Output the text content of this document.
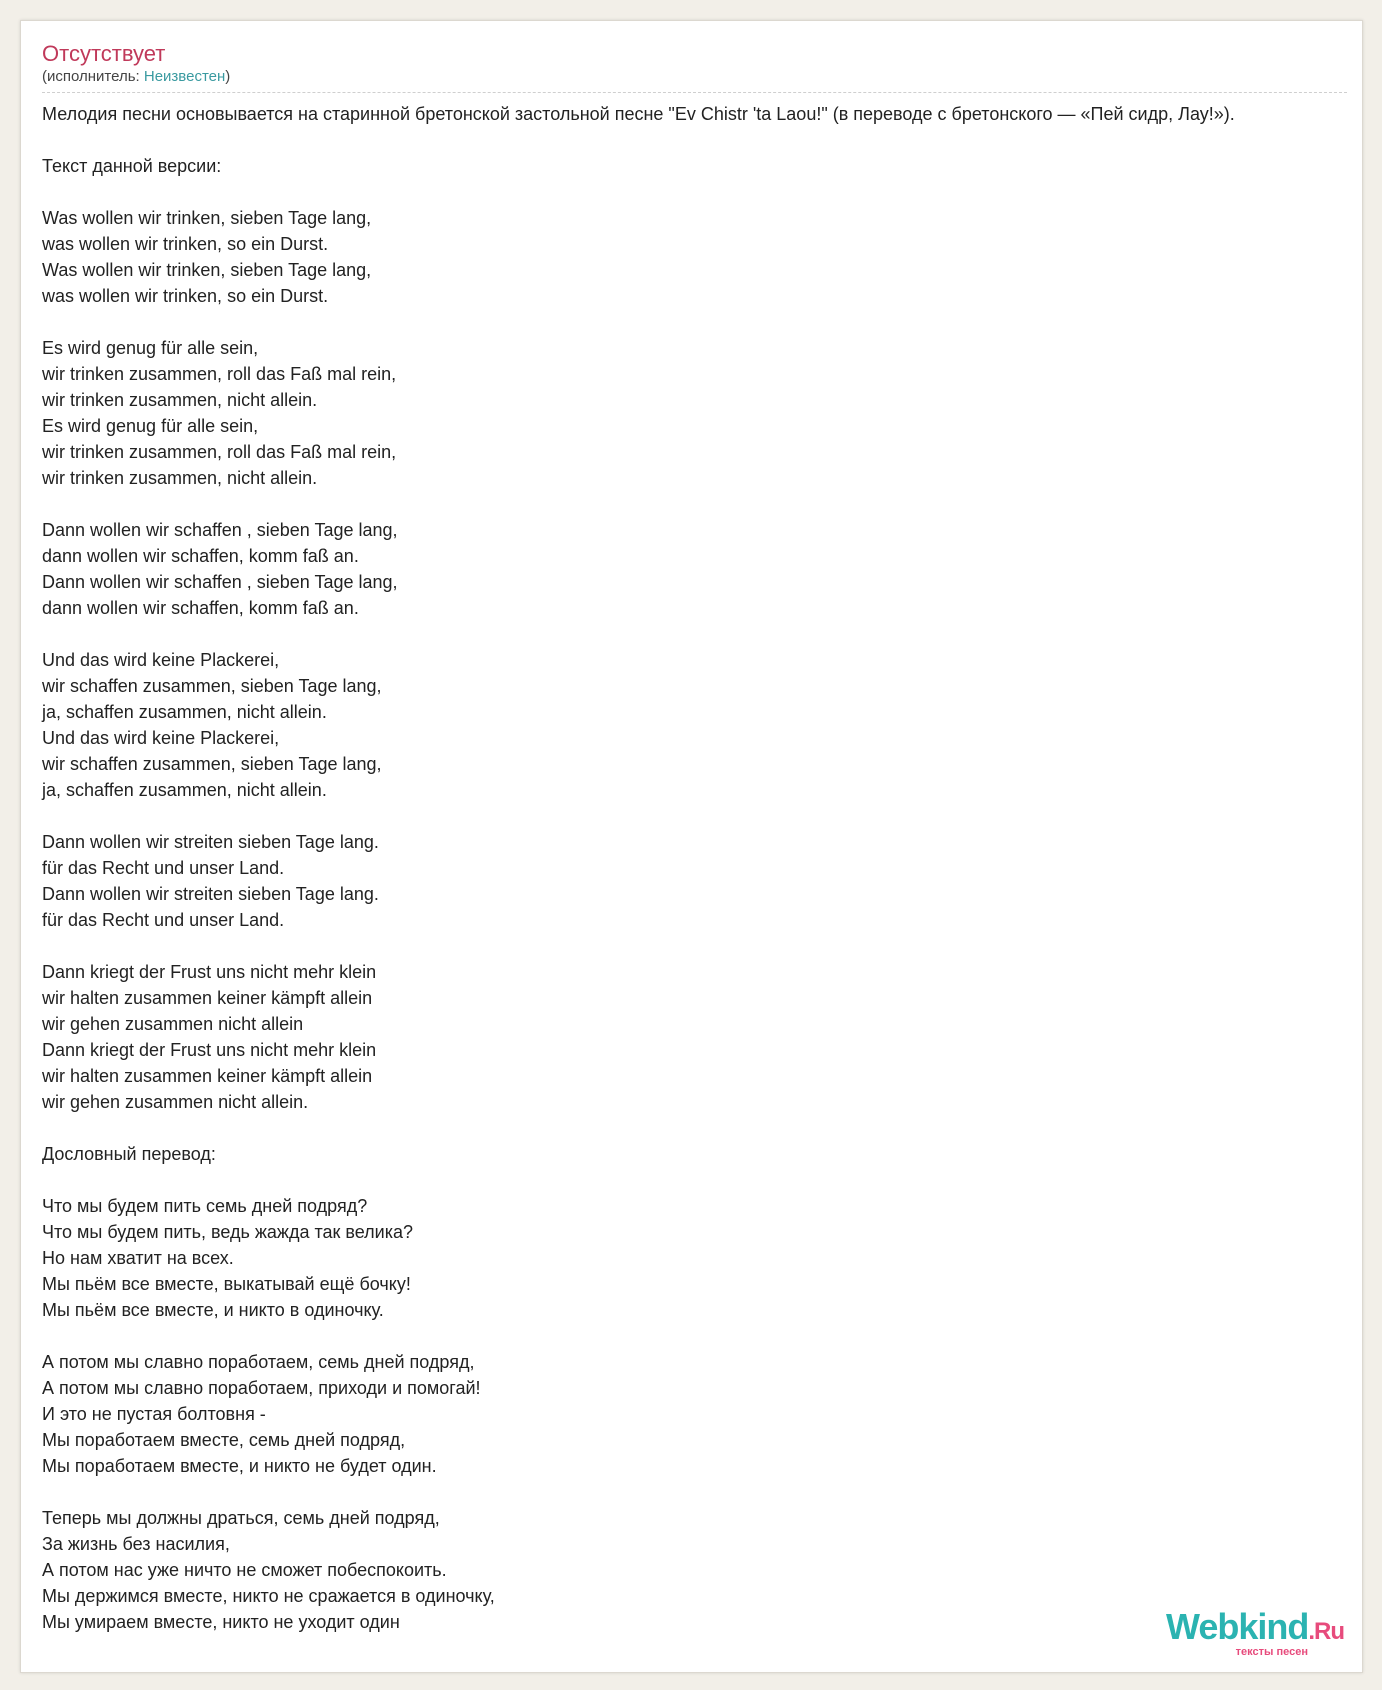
Отсутствует
(исполнитель: Неизвестен)
Мелодия песни основывается на старинной бретонской застольной песне "Ev Chistr 'ta Laou!" (в переводе с бретонского — «Пей сидр, Лау!»).
Текст данной версии:
Was wollen wir trinken, sieben Tage lang,
was wollen wir trinken, so ein Durst.
Was wollen wir trinken, sieben Tage lang,
was wollen wir trinken, so ein Durst.
Es wird genug für alle sein,
wir trinken zusammen, roll das Faß mal rein,
wir trinken zusammen, nicht allein.
Es wird genug für alle sein,
wir trinken zusammen, roll das Faß mal rein,
wir trinken zusammen, nicht allein.
Dann wollen wir schaffen , sieben Tage lang,
dann wollen wir schaffen, komm faß an.
Dann wollen wir schaffen , sieben Tage lang,
dann wollen wir schaffen, komm faß an.
Und das wird keine Plackerei,
wir schaffen zusammen, sieben Tage lang,
ja, schaffen zusammen, nicht allein.
Und das wird keine Plackerei,
wir schaffen zusammen, sieben Tage lang,
ja, schaffen zusammen, nicht allein.
Dann wollen wir streiten sieben Tage lang.
für das Recht und unser Land.
Dann wollen wir streiten sieben Tage lang.
für das Recht und unser Land.
Dann kriegt der Frust uns nicht mehr klein
wir halten zusammen keiner kämpft allein
wir gehen zusammen nicht allein
Dann kriegt der Frust uns nicht mehr klein
wir halten zusammen keiner kämpft allein
wir gehen zusammen nicht allein.
Дословный перевод:
Что мы будем пить семь дней подряд?
Что мы будем пить, ведь жажда так велика?
Но нам хватит на всех.
Мы пьём все вместе, выкатывай ещё бочку!
Мы пьём все вместе, и никто в одиночку.
А потом мы славно поработаем, семь дней подряд,
А потом мы славно поработаем, приходи и помогай!
И это не пустая болтовня -
Мы поработаем вместе, семь дней подряд,
Мы поработаем вместе, и никто не будет один.
Теперь мы должны драться, семь дней подряд,
За жизнь без насилия,
А потом нас уже ничто не сможет побеспокоить.
Мы держимся вместе, никто не сражается в одиночку,
Мы умираем вместе, никто не уходит один	Webkind.Ru
тексты песен
